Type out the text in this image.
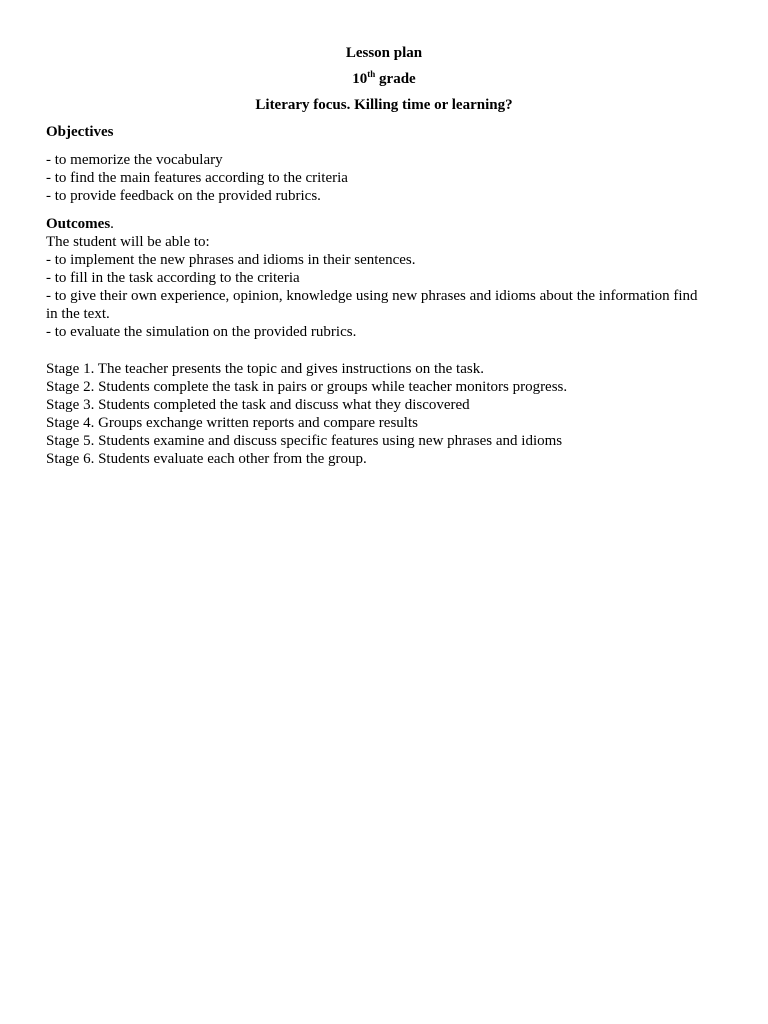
Lesson plan
10th grade
Literary focus. Killing time or learning?
Objectives
- to memorize the vocabulary
- to find the main features according to the criteria
- to provide feedback on the provided rubrics.
Outcomes.
The student will be able to:
- to implement the new phrases and idioms in their sentences.
- to fill in the task according to the criteria
- to give their own experience, opinion, knowledge using new phrases and idioms about the information find in the text.
- to evaluate the simulation on the provided rubrics.
Stage 1. The teacher presents the topic and gives instructions on the task.
Stage 2. Students complete the task in pairs or groups while teacher monitors progress.
Stage 3. Students completed the task and discuss what they discovered
Stage 4. Groups exchange written reports and compare results
Stage 5. Students examine and discuss specific features using new phrases and idioms
Stage 6. Students evaluate each other from the group.
